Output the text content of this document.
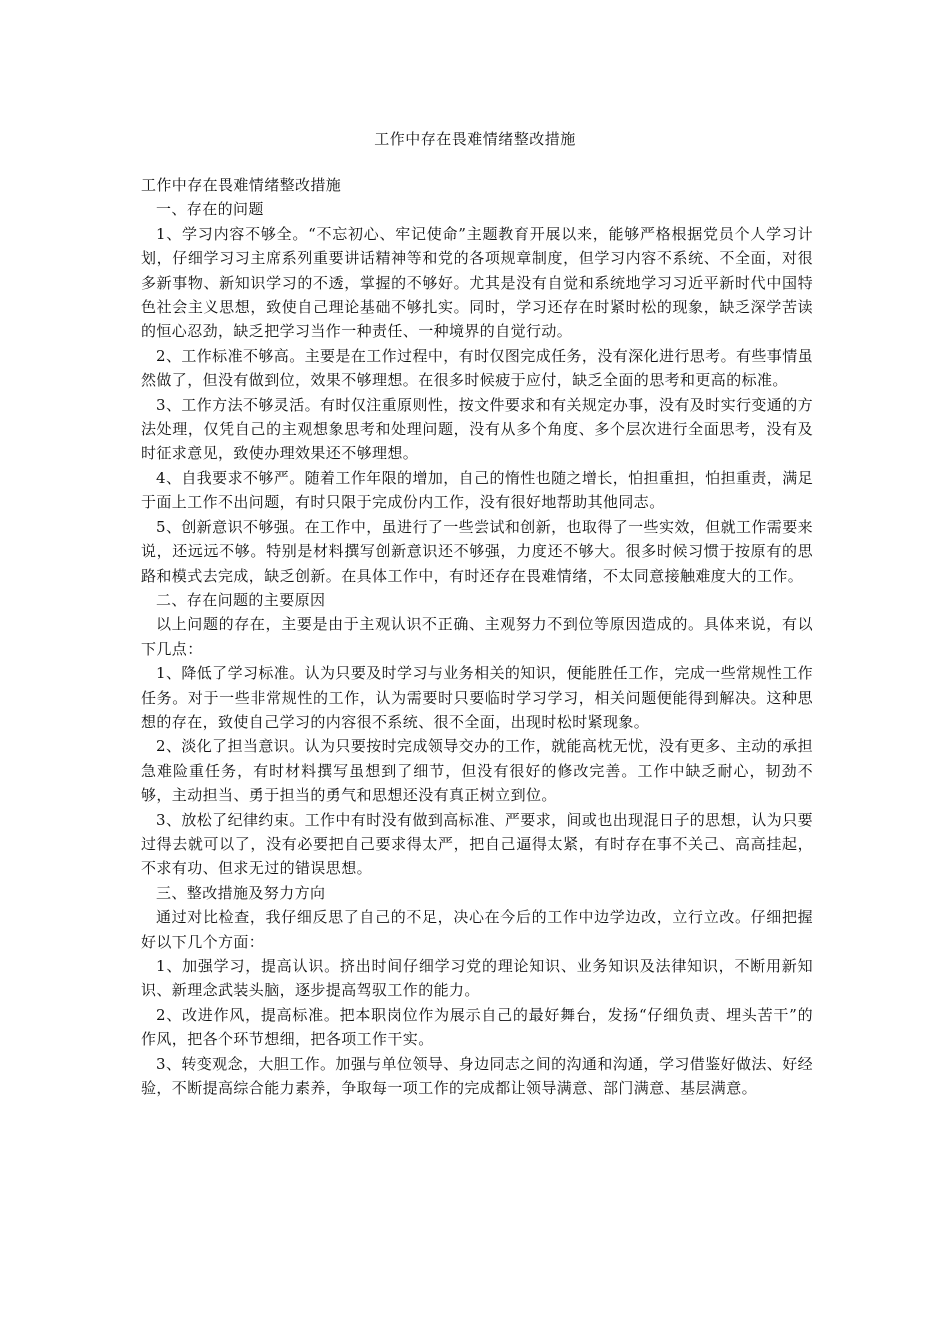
工作中存在畏难情绪整改措施

工作中存在畏难情绪整改措施

一、存在的问题

1、学习内容不够全。“不忘初心、牢记使命”主题教育开展以来，能够严格根据党员个人学习计划，仔细学习习主席系列重要讲话精神等和党的各项规章制度，但学习内容不系统、不全面，对很多新事物、新知识学习的不透，掌握的不够好。尤其是没有自觉和系统地学习习近平新时代中国特色社会主义思想，致使自己理论基础不够扎实。同时，学习还存在时紧时松的现象，缺乏深学苦读的恒心忍劲，缺乏把学习当作一种责任、一种境界的自觉行动。

2、工作标准不够高。主要是在工作过程中，有时仅图完成任务，没有深化进行思考。有些事情虽然做了，但没有做到位，效果不够理想。在很多时候疲于应付，缺乏全面的思考和更高的标准。

3、工作方法不够灵活。有时仅注重原则性，按文件要求和有关规定办事，没有及时实行变通的方法处理，仅凭自己的主观想象思考和处理问题，没有从多个角度、多个层次进行全面思考，没有及时征求意见，致使办理效果还不够理想。

4、自我要求不够严。随着工作年限的增加，自己的惰性也随之增长，怕担重担，怕担重责，满足于面上工作不出问题，有时只限于完成份内工作，没有很好地帮助其他同志。

5、创新意识不够强。在工作中，虽进行了一些尝试和创新，也取得了一些实效，但就工作需要来说，还远远不够。特别是材料撰写创新意识还不够强，力度还不够大。很多时候习惯于按原有的思路和模式去完成，缺乏创新。在具体工作中，有时还存在畏难情绪，不太同意接触难度大的工作。

二、存在问题的主要原因

以上问题的存在，主要是由于主观认识不正确、主观努力不到位等原因造成的。具体来说，有以下几点：

1、降低了学习标准。认为只要及时学习与业务相关的知识，便能胜任工作，完成一些常规性工作任务。对于一些非常规性的工作，认为需要时只要临时学习学习，相关问题便能得到解决。这种思想的存在，致使自己学习的内容很不系统、很不全面，出现时松时紧现象。

2、淡化了担当意识。认为只要按时完成领导交办的工作，就能高枕无忧，没有更多、主动的承担急难险重任务，有时材料撰写虽想到了细节，但没有很好的修改完善。工作中缺乏耐心，韧劲不够，主动担当、勇于担当的勇气和思想还没有真正树立到位。

3、放松了纪律约束。工作中有时没有做到高标准、严要求，间或也出现混日子的思想，认为只要过得去就可以了，没有必要把自己要求得太严，把自己逼得太紧，有时存在事不关己、高高挂起，不求有功、但求无过的错误思想。

三、整改措施及努力方向

通过对比检查，我仔细反思了自己的不足，决心在今后的工作中边学边改，立行立改。仔细把握好以下几个方面：

1、加强学习，提高认识。挤出时间仔细学习党的理论知识、业务知识及法律知识，不断用新知识、新理念武装头脑，逐步提高驾驭工作的能力。

2、改进作风，提高标准。把本职岗位作为展示自己的最好舞台，发扬“仔细负责、埋头苦干”的作风，把各个环节想细，把各项工作干实。

3、转变观念，大胆工作。加强与单位领导、身边同志之间的沟通和沟通，学习借鉴好做法、好经验，不断提高综合能力素养，争取每一项工作的完成都让领导满意、部门满意、基层满意。
